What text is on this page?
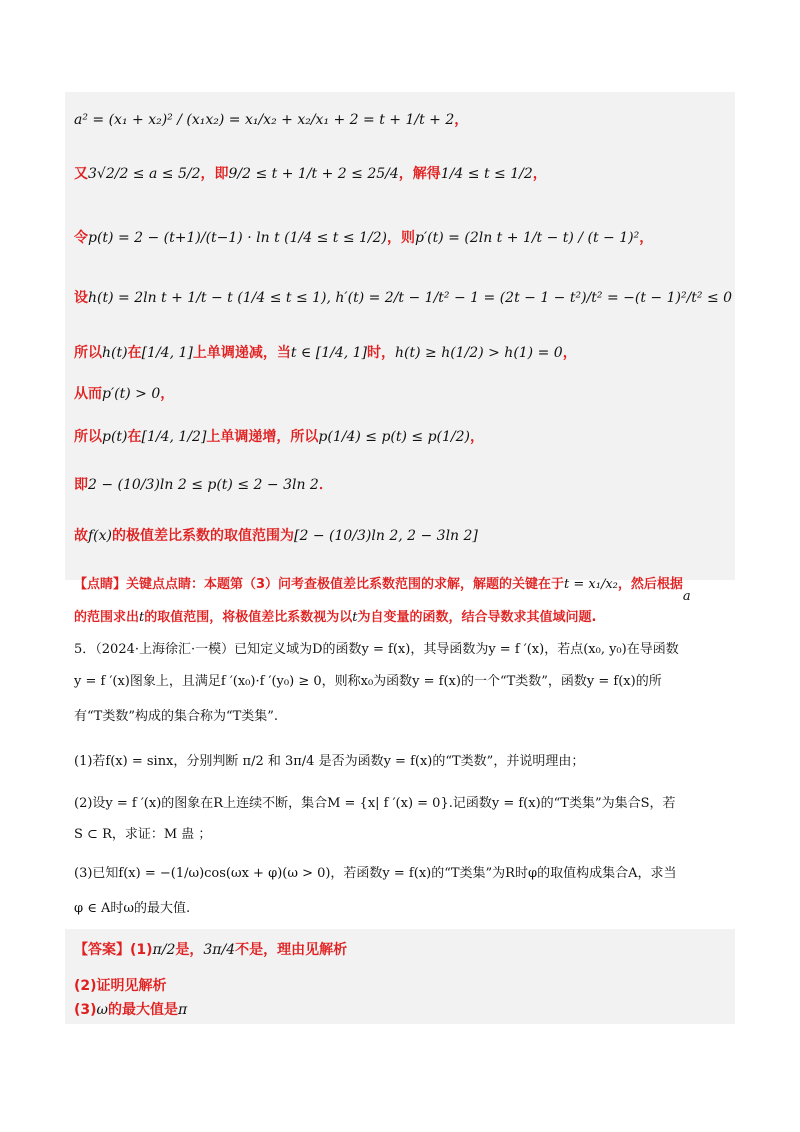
a² = (x₁ + x₂)² / (x₁x₂) = x₁/x₂ + x₂/x₁ + 2 = t + 1/t + 2，
又3√2/2 ≤ a ≤ 5/2，即9/2 ≤ t + 1/t + 2 ≤ 25/4，解得1/4 ≤ t ≤ 1/2，
令p(t) = 2 − (t+1)/(t−1) · ln t (1/4 ≤ t ≤ 1/2)，则p′(t) = (2ln t + 1/t − t) / (t − 1)²，
设h(t) = 2ln t + 1/t − t (1/4 ≤ t ≤ 1), h′(t) = 2/t − 1/t² − 1 = (2t − 1 − t²)/t² = −(t − 1)²/t² ≤ 0
所以h(t)在[1/4, 1]上单调递减，当t ∈ [1/4, 1]时，h(t) ≥ h(1/2) > h(1) = 0，
从而p′(t) > 0，
所以p(t)在[1/4, 1/2]上单调递增，所以p(1/4) ≤ p(t) ≤ p(1/2)，
即2 − (10/3)ln 2 ≤ p(t) ≤ 2 − 3ln 2．
故f(x)的极值差比系数的取值范围为[2 − (10/3)ln 2, 2 − 3ln 2]
【点睛】关键点点睛：本题第（3）问考查极值差比系数范围的求解，解题的关键在于t = x₁/x₂，然后根据a
的范围求出t的取值范围，将极值差比系数视为以t为自变量的函数，结合导数求其值域问题.
5．（2024·上海徐汇·一模）已知定义域为D的函数y = f(x)，其导函数为y = f ′(x)，若点(x₀, y₀)在导函数
y = f ′(x)图象上，且满足f ′(x₀)·f ′(y₀) ≥ 0，则称x₀为函数y = f(x)的一个“T类数”，函数y = f(x)的所
有“T类数”构成的集合称为“T类集”.
(1)若f(x) = sinx，分别判断 π/2 和 3π/4 是否为函数y = f(x)的“T类数”，并说明理由；
(2)设y = f ′(x)的图象在R上连续不断，集合M = {x| f ′(x) = 0}.记函数y = f(x)的“T类集”为集合S，若
S ⊂ R，求证：M 蛊 ；
(3)已知f(x) = −(1/ω)cos(ωx + φ)(ω > 0)，若函数y = f(x)的“T类集”为R时φ的取值构成集合A，求当
φ ∈ A时ω的最大值.
【答案】(1)π/2是，3π/4不是，理由见解析
(2)证明见解析
(3)ω的最大值是π
